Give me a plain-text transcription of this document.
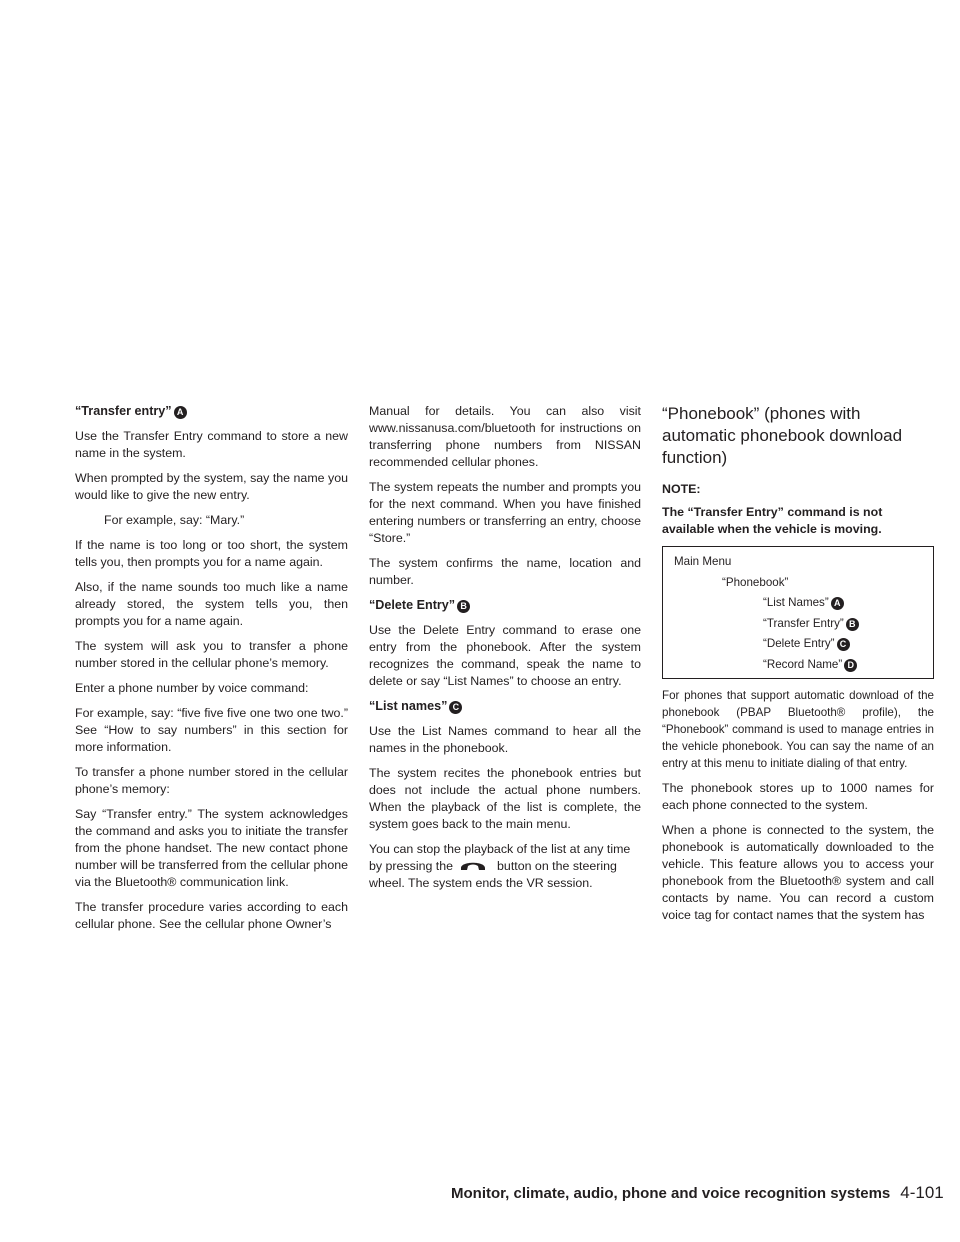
“Transfer entry” A

Use the Transfer Entry command to store a new name in the system.

When prompted by the system, say the name you would like to give the new entry.

For example, say: “Mary.”

If the name is too long or too short, the system tells you, then prompts you for a name again.

Also, if the name sounds too much like a name already stored, the system tells you, then prompts you for a name again.

The system will ask you to transfer a phone number stored in the cellular phone’s memory.

Enter a phone number by voice command:

For example, say: “five five five one two one two.” See “How to say numbers” in this section for more information.

To transfer a phone number stored in the cellular phone’s memory:

Say “Transfer entry.” The system acknowledges the command and asks you to initiate the transfer from the phone handset. The new contact phone number will be transferred from the cellular phone via the Bluetooth® communication link.

The transfer procedure varies according to each cellular phone. See the cellular phone Owner’s

Manual for details. You can also visit www.nissanusa.com/bluetooth for instructions on transferring phone numbers from NISSAN recommended cellular phones.

The system repeats the number and prompts you for the next command. When you have finished entering numbers or transferring an entry, choose “Store.”

The system confirms the name, location and number.

“Delete Entry” B

Use the Delete Entry command to erase one entry from the phonebook. After the system recognizes the command, speak the name to delete or say “List Names” to choose an entry.

“List names” C

Use the List Names command to hear all the names in the phonebook.

The system recites the phonebook entries but does not include the actual phone numbers. When the playback of the list is complete, the system goes back to the main menu.

You can stop the playback of the list at any time by pressing the	button on the steering wheel. The system ends the VR session.

“Phonebook” (phones with automatic phonebook download function)
NOTE:

The “Transfer Entry” command is not available when the vehicle is moving.

Main Menu
“Phonebook”
“List Names” A
“Transfer Entry” B
“Delete Entry” C
“Record Name” D

For phones that support automatic download of the phonebook (PBAP Bluetooth® profile), the “Phonebook” command is used to manage entries in the vehicle phonebook. You can say the name of an entry at this menu to initiate dialing of that entry.

The phonebook stores up to 1000 names for each phone connected to the system.

When a phone is connected to the system, the phonebook is automatically downloaded to the vehicle. This feature allows you to access your phonebook from the Bluetooth® system and call contacts by name. You can record a custom voice tag for contact names that the system has

Monitor, climate, audio, phone and voice recognition systems 4-101
